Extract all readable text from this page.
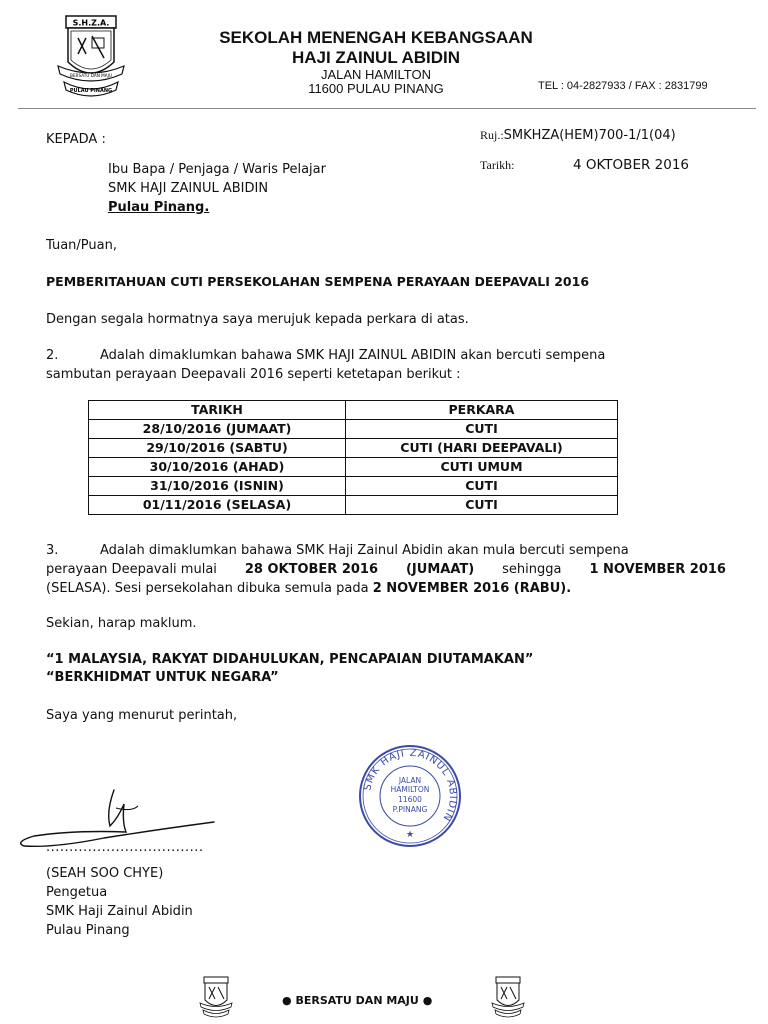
S.H.Z.A.
BERSATU DAN MAJU
PULAU PINANG
SEKOLAH MENENGAH KEBANGSAAN
HAJI ZAINUL ABIDIN
JALAN HAMILTON
11600 PULAU PINANG	TEL : 04-2827933 / FAX : 2831799
KEPADA :	Ruj.:SMKHZA(HEM)700-1/1(04)
Tarikh:	4 OKTOBER 2016
Ibu Bapa / Penjaga / Waris Pelajar
SMK HAJI ZAINUL ABIDIN
Pulau Pinang.
Tuan/Puan,
PEMBERITAHUAN CUTI PERSEKOLAHAN SEMPENA PERAYAAN DEEPAVALI 2016
Dengan segala hormatnya saya merujuk kepada perkara di atas.
2.	Adalah dimaklumkan bahawa SMK HAJI ZAINUL ABIDIN akan bercuti sempena
sambutan perayaan Deepavali 2016 seperti ketetapan berikut :
TARIKH	PERKARA
28/10/2016 (JUMAAT)	CUTI
29/10/2016 (SABTU)	CUTI (HARI DEEPAVALI)
30/10/2016 (AHAD)	CUTI UMUM
31/10/2016 (ISNIN)	CUTI
01/11/2016 (SELASA)	CUTI
3.	Adalah dimaklumkan bahawa SMK Haji Zainul Abidin akan mula bercuti sempena
perayaan Deepavali mulai 28 OKTOBER 2016 (JUMAAT) sehingga 1 NOVEMBER 2016
(SELASA). Sesi persekolahan dibuka semula pada 2 NOVEMBER 2016 (RABU).
Sekian, harap maklum.
“1 MALAYSIA, RAKYAT DIDAHULUKAN, PENCAPAIAN DIUTAMAKAN”
“BERKHIDMAT UNTUK NEGARA”
Saya yang menurut perintah,
SMK HAJI ZAINUL ABIDIN
JALAN
HAMILTON
11600
P.PINANG
★
..................................
(SEAH SOO CHYE)
Pengetua
SMK Haji Zainul Abidin
Pulau Pinang
● BERSATU DAN MAJU ●
